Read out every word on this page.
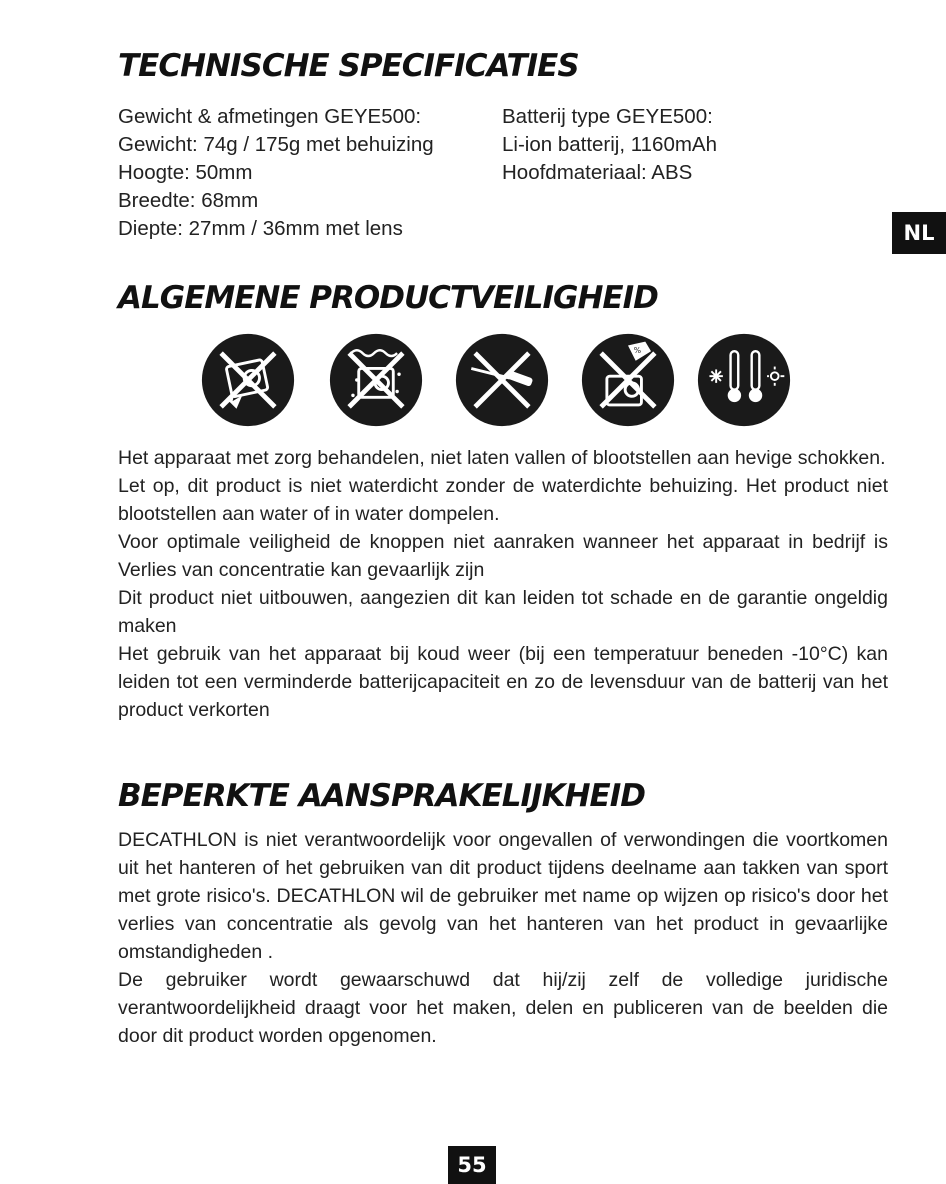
TECHNISCHE SPECIFICATIES
Gewicht & afmetingen GEYE500:
Gewicht: 74g / 175g met behuizing
Hoogte: 50mm
Breedte: 68mm
Diepte: 27mm / 36mm met lens
Batterij type GEYE500:
Li-ion batterij, 1160mAh
Hoofdmateriaal: ABS
NL
ALGEMENE PRODUCTVEILIGHEID
%

Het apparaat met zorg behandelen, niet laten vallen of blootstellen aan hevige schokken.

Let op, dit product is niet waterdicht zonder de waterdichte behuizing. Het product niet blootstellen aan water of in water dompelen.

Voor optimale veiligheid de knoppen niet aanraken wanneer het apparaat in bedrijf is Verlies van concentratie kan gevaarlijk zijn

Dit product niet uitbouwen, aangezien dit kan leiden tot schade en de garantie ongeldig maken

Het gebruik van het apparaat bij koud weer (bij een temperatuur beneden -10°C) kan leiden tot een verminderde batterijcapaciteit en zo de levensduur van de batterij van het product verkorten

BEPERKTE AANSPRAKELIJKHEID

DECATHLON is niet verantwoordelijk voor ongevallen of verwondingen die voortkomen uit het hanteren of het gebruiken van dit product tijdens deelname aan takken van sport met grote risico's. DECATHLON wil de gebruiker met name op wijzen op risico's door het verlies van concentratie als gevolg van het hanteren van het product in gevaarlijke omstandigheden .

De gebruiker wordt gewaarschuwd dat hij/zij zelf de volledige juridische verantwoordelijkheid draagt voor het maken, delen en publiceren van de beelden die door dit product worden opgenomen.

55
